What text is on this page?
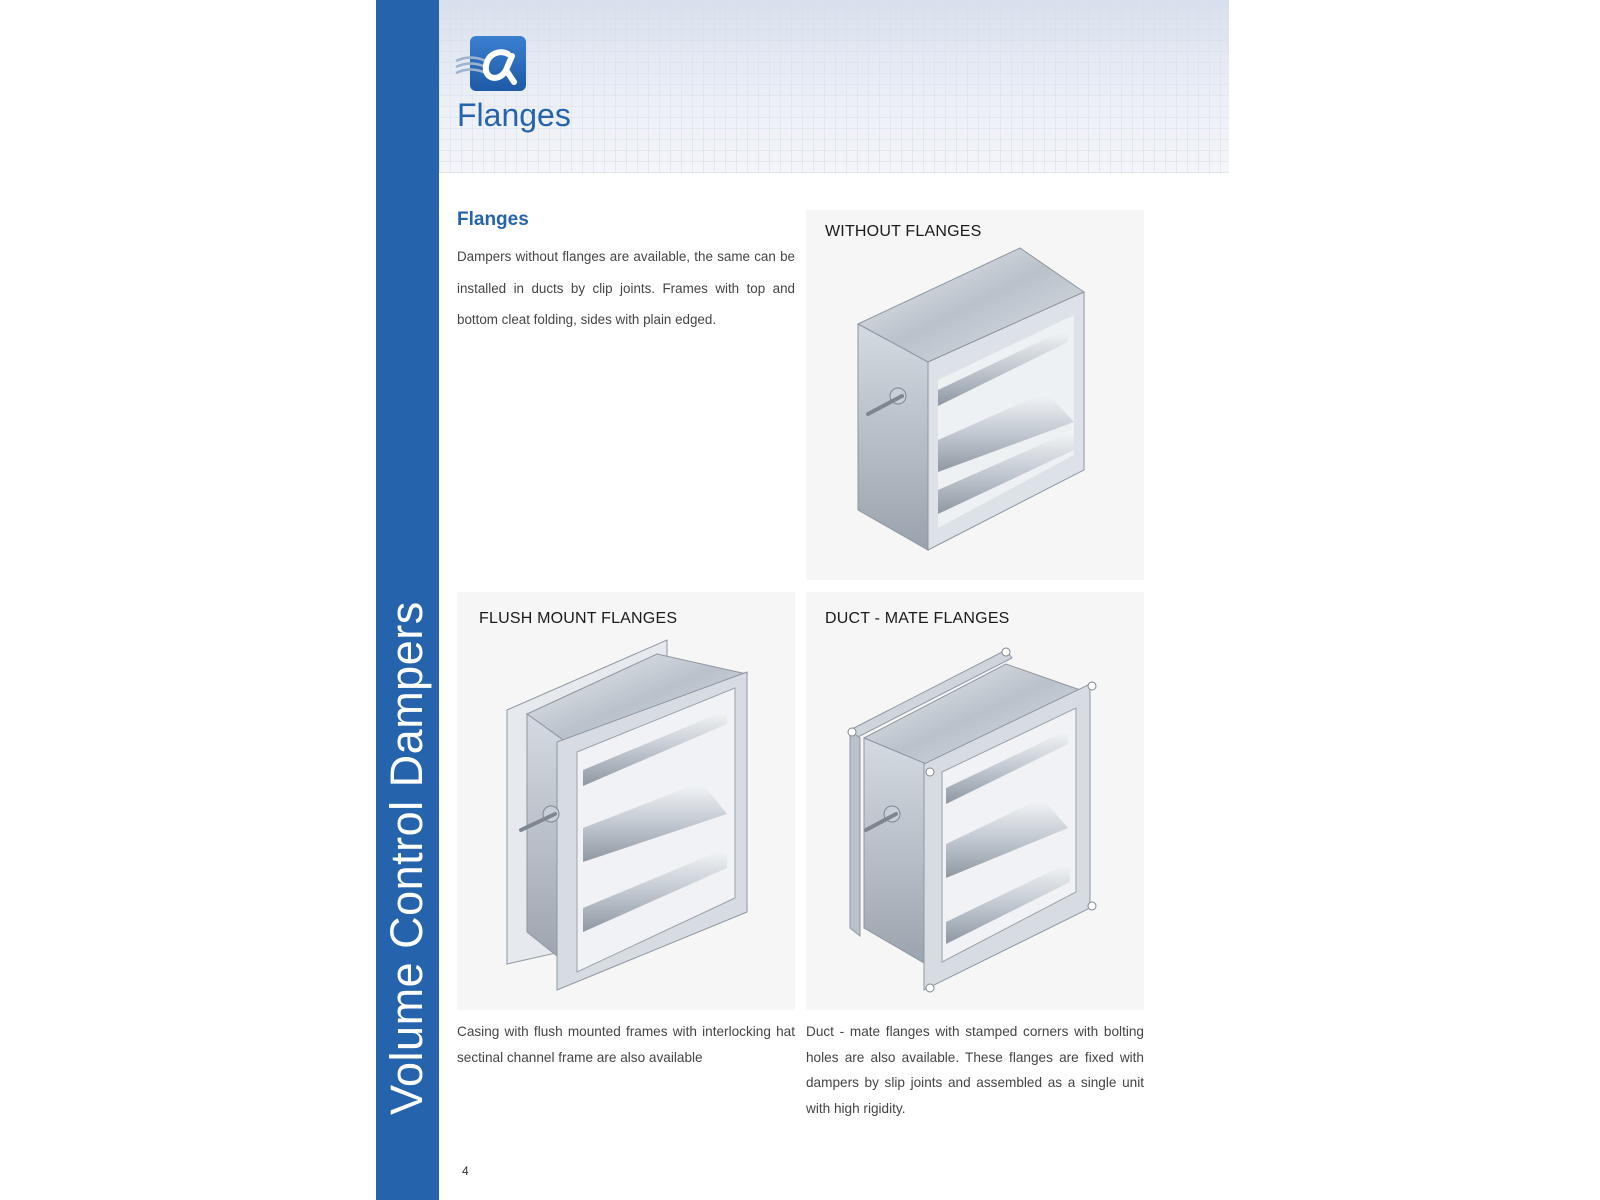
Volume Control Dampers
Flanges
Flanges

Dampers without flanges are available, the same can be installed in ducts by clip joints. Frames with top and bottom cleat folding, sides with plain edged.

WITHOUT FLANGES
FLUSH MOUNT FLANGES

Casing with flush mounted frames with interlocking hat sectinal channel frame are also available

DUCT - MATE FLANGES

Duct - mate flanges with stamped corners with bolting holes are also available. These flanges are fixed with dampers by slip joints and assembled as a single unit with high rigidity.

4
